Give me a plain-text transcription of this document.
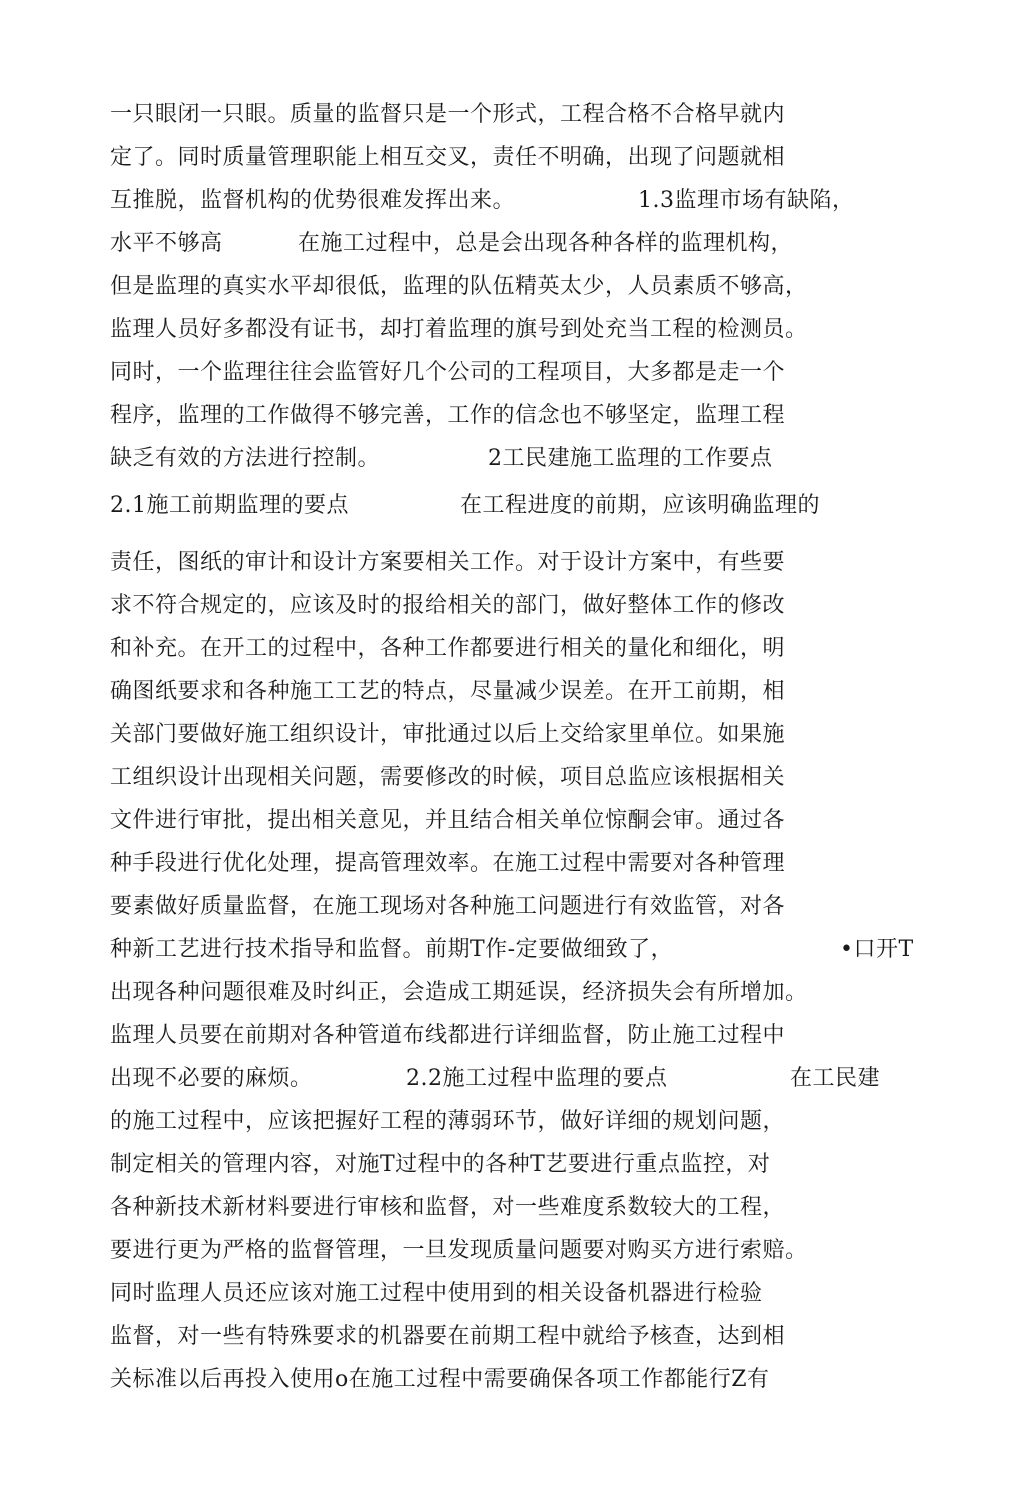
一只眼闭一只眼。质量的监督只是一个形式，工程合格不合格早就内
定了。同时质量管理职能上相互交叉，责任不明确，出现了问题就相

互推脱，监督机构的优势很难发挥出来。

	1.3监理市场有缺陷，

水平不够高

	在施工过程中，总是会出现各种各样的监理机构，

但是监理的真实水平却很低，监理的队伍精英太少，人员素质不够高，
监理人员好多都没有证书，却打着监理的旗号到处充当工程的检测员。
同时，一个监理往往会监管好几个公司的工程项目，大多都是走一个
程序，监理的工作做得不够完善，工作的信念也不够坚定，监理工程

缺乏有效的方法进行控制。

	2工民建施工监理的工作要点

2.1施工前期监理的要点

	在工程进度的前期，应该明确监理的

责任，图纸的审计和设计方案要相关工作。对于设计方案中，有些要
求不符合规定的，应该及时的报给相关的部门，做好整体工作的修改
和补充。在开工的过程中，各种工作都要进行相关的量化和细化，明
确图纸要求和各种施工工艺的特点，尽量减少误差。在开工前期，相
关部门要做好施工组织设计，审批通过以后上交给家里单位。如果施
工组织设计出现相关问题，需要修改的时候，项目总监应该根据相关
文件进行审批，提出相关意见，并且结合相关单位惊酮会审。通过各
种手段进行优化处理，提高管理效率。在施工过程中需要对各种管理
要素做好质量监督，在施工现场对各种施工问题进行有效监管，对各

种新工艺进行技术指导和监督。前期T作-定要做细致了，

	•口开T

出现各种问题很难及时纠正，会造成工期延误，经济损失会有所增加。
监理人员要在前期对各种管道布线都进行详细监督，防止施工过程中

出现不必要的麻烦。

	2.2施工过程中监理的要点

	在工民建

的施工过程中，应该把握好工程的薄弱环节，做好详细的规划问题，
制定相关的管理内容，对施T过程中的各种T艺要进行重点监控，对
各种新技术新材料要进行审核和监督，对一些难度系数较大的工程，
要进行更为严格的监督管理，一旦发现质量问题要对购买方进行索赔。
同时监理人员还应该对施工过程中使用到的相关设备机器进行检验
监督，对一些有特殊要求的机器要在前期工程中就给予核查，达到相
关标准以后再投入使用o在施工过程中需要确保各项工作都能行Z有
